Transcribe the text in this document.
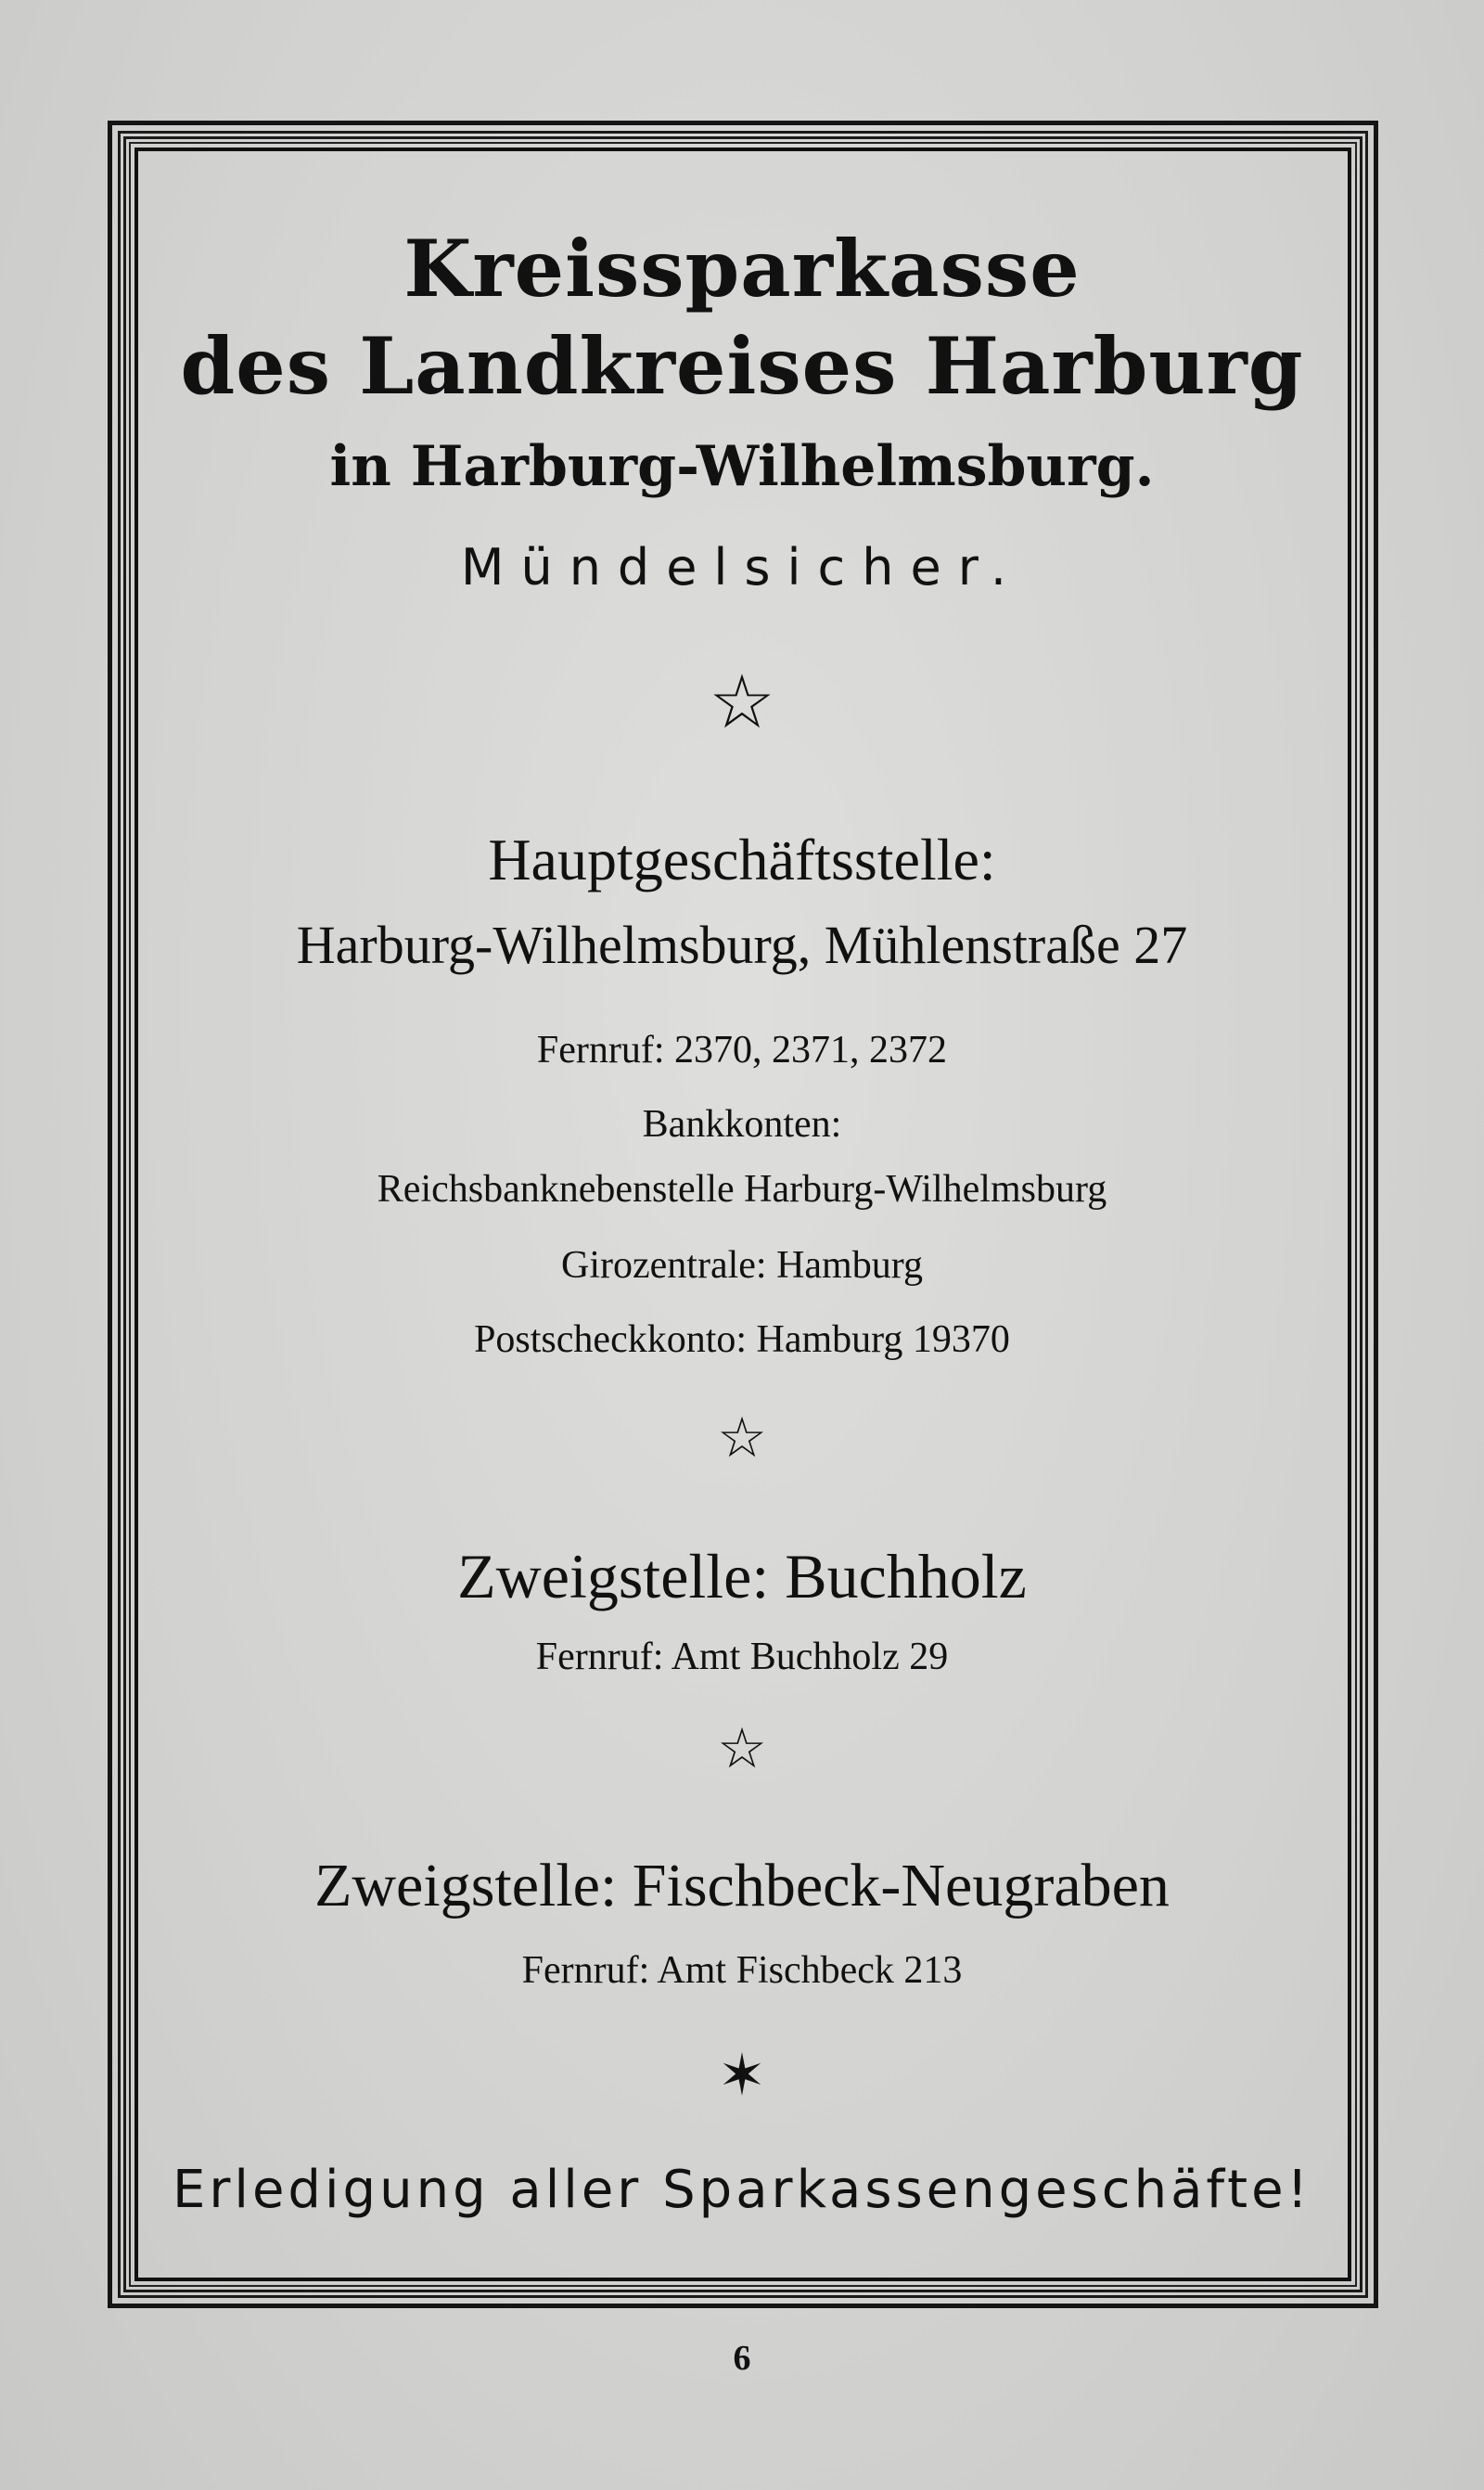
Kreissparkasse
des Landkreises Harburg
in Harburg-Wilhelmsburg.
Mündelsicher.
☆
Hauptgeschäftsstelle:
Harburg-Wilhelmsburg, Mühlenstraße 27
Fernruf: 2370, 2371, 2372
Bankkonten:
Reichsbanknebenstelle Harburg-Wilhelmsburg
Girozentrale: Hamburg
Postscheckkonto: Hamburg 19370
☆
Zweigstelle: Buchholz
Fernruf: Amt Buchholz 29
☆
Zweigstelle: Fischbeck-Neugraben
Fernruf: Amt Fischbeck 213
✶
Erledigung aller Sparkassengeschäfte!
6
